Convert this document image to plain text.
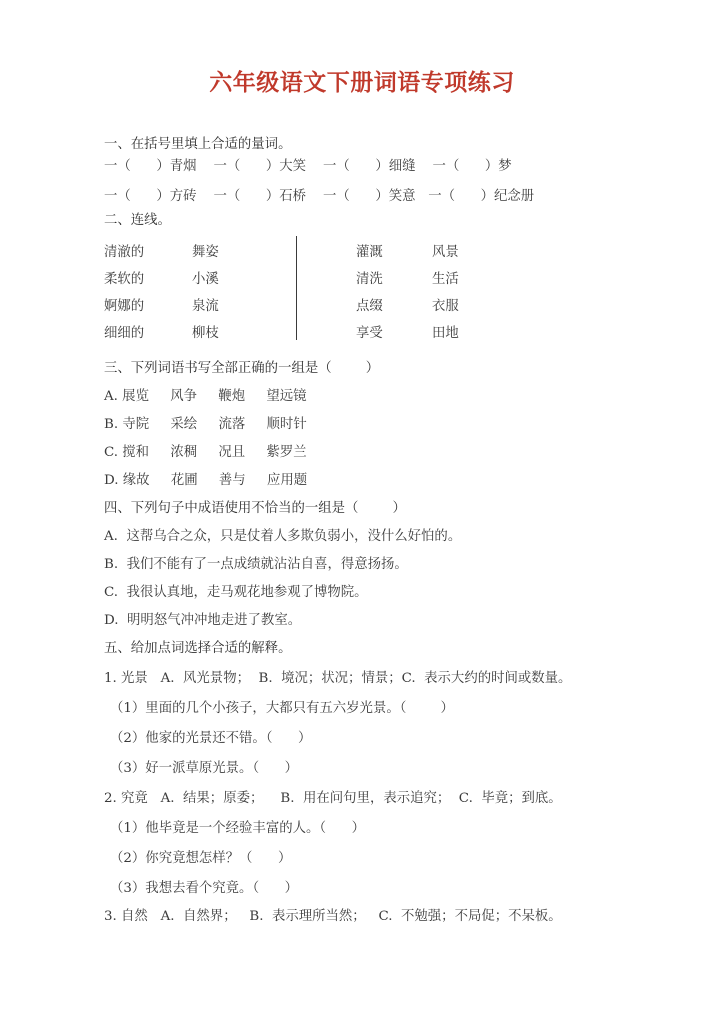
六年级语文下册词语专项练习
一、在括号里填上合适的量词。
一（      ）青烟    一（      ）大笑    一（      ）细缝    一（      ）梦
一（      ）方砖    一（      ）石桥    一（      ）笑意   一（      ）纪念册
二、连线。
清澈的
柔软的
婀娜的
细细的
舞姿
小溪
泉流
柳枝
灌溉
清洗
点缀
享受
风景
生活
衣服
田地
三、下列词语书写全部正确的一组是（        ）
A. 展览     风争     鞭炮     望远镜
B. 寺院     采绘     流落     顺时针
C. 搅和     浓稠     况且     紫罗兰
D. 缘故     花圃     善与     应用题
四、下列句子中成语使用不恰当的一组是（        ）
A.  这帮乌合之众，只是仗着人多欺负弱小，没什么好怕的。
B.  我们不能有了一点成绩就沾沾自喜，得意扬扬。
C.  我很认真地，走马观花地参观了博物院。
D.  明明怒气冲冲地走进了教室。
五、给加点词选择合适的解释。
1. 光景   A.  风光景物；  B.  境况；状况；情景；C.  表示大约的时间或数量。
（1）里面的几个小孩子，大都只有五六岁光景。（        ）
（2）他家的光景还不错。（      ）
（3）好一派草原光景。（      ）
2. 究竟   A.  结果；原委；    B.  用在问句里，表示追究；  C.  毕竟；到底。
（1）他毕竟是一个经验丰富的人。（      ）
（2）你究竟想怎样？（      ）
（3）我想去看个究竟。（      ）
3. 自然   A.  自然界；   B.  表示理所当然；   C.  不勉强；不局促；不呆板。
